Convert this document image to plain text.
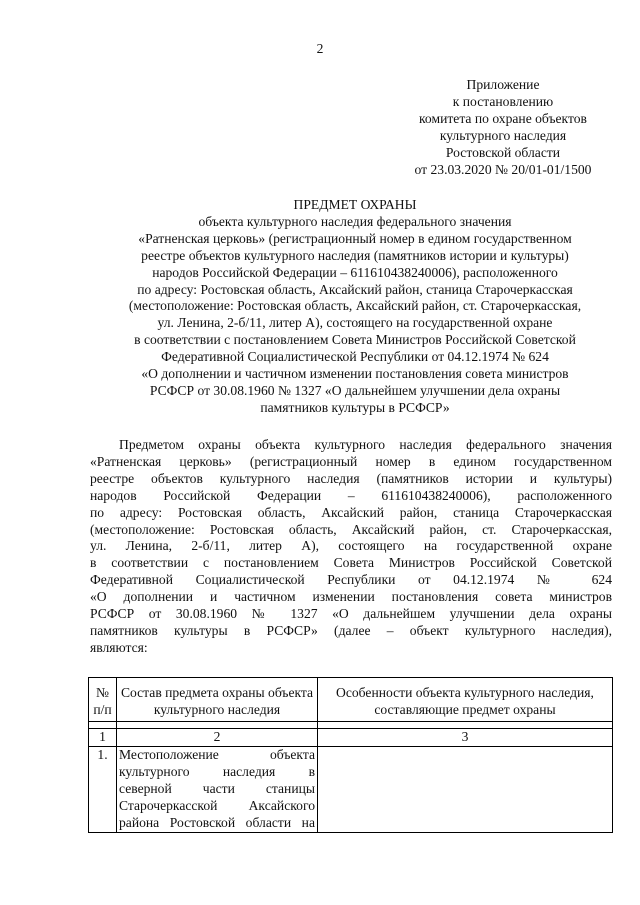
2
Приложение
к постановлению
комитета по охране объектов
культурного наследия
Ростовской области
от 23.03.2020 № 20/01-01/1500
ПРЕДМЕТ ОХРАНЫ
объекта культурного наследия федерального значения
«Ратненская церковь» (регистрационный номер в едином государственном
реестре объектов культурного наследия (памятников истории и культуры)
народов Российской Федерации – 611610438240006), расположенного
по адресу: Ростовская область, Аксайский район, станица Старочеркасская
(местоположение: Ростовская область, Аксайский район, ст. Старочеркасская,
ул. Ленина, 2-б/11, литер А), состоящего на государственной охране
в соответствии с постановлением Совета Министров Российской Советской
Федеративной Социалистической Республики от 04.12.1974 № 624
«О дополнении и частичном изменении постановления совета министров
РСФСР от 30.08.1960 № 1327 «О дальнейшем улучшении дела охраны
памятников культуры в РСФСР»
Предметом охраны объекта культурного наследия федерального значения
«Ратненская церковь» (регистрационный номер в едином государственном
реестре объектов культурного наследия (памятников истории и культуры)
народов Российской Федерации – 611610438240006), расположенного
по адресу: Ростовская область, Аксайский район, станица Старочеркасская
(местоположение: Ростовская область, Аксайский район, ст. Старочеркасская,
ул. Ленина, 2-б/11, литер А), состоящего на государственной охране
в соответствии с постановлением Совета Министров Российской Советской
Федеративной Социалистической Республики от 04.12.1974 № 624
«О дополнении и частичном изменении постановления совета министров
РСФСР от 30.08.1960 № 1327 «О дальнейшем улучшении дела охраны
памятников культуры в РСФСР» (далее – объект культурного наследия),
являются:
№ п/п	Состав предмета охраны объекта культурного наследия	Особенности объекта культурного наследия, составляющие предмет охраны

1	2	3
1.	Местоположение объекта
культурного наследия в
северной части станицы
Старочеркасской Аксайского
района Ростовской области на	
